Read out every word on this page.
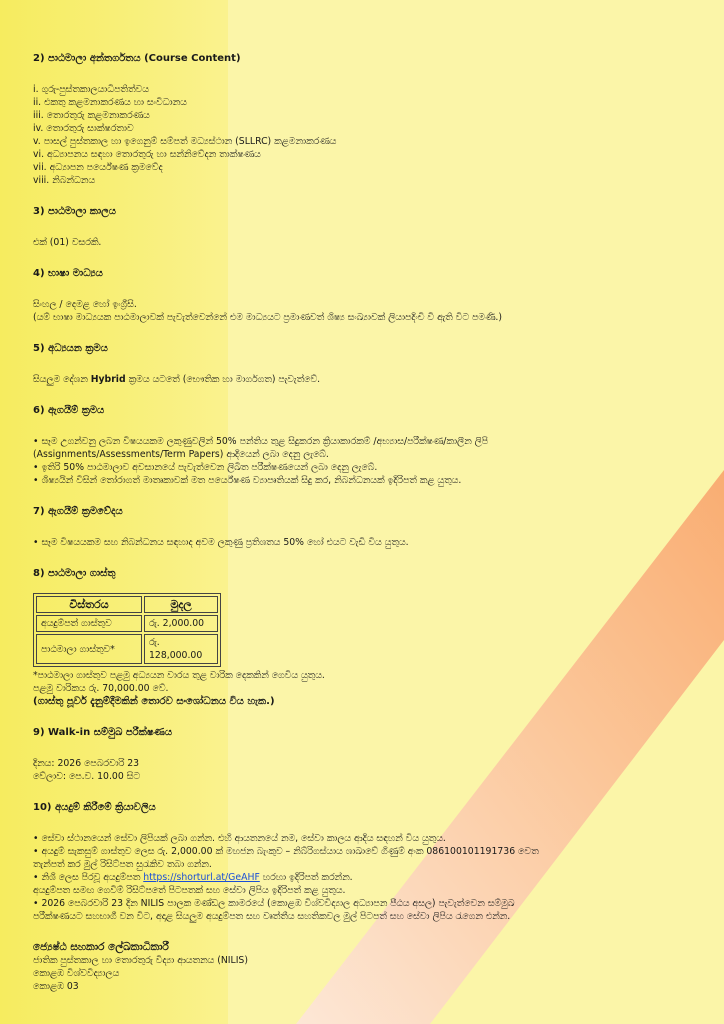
2) පාඨමාලා අන්තර්ගතය (Course Content)

i. ගුරු-පුස්තකාලයාධිපතිත්වය
ii. එකතු කළමනාකරණය හා සංවිධානය
iii. තොරතුරු කළමනාකරණය
iv. තොරතුරු සාක්ෂරතාව
v. පාසල් පුස්තකාල හා ඉගෙනුම් සම්පත් මධ්‍යස්ථාන (SLLRC) කළමනාකරණය
vi. අධ්‍යාපනය සඳහා තොරතුරු හා සන්නිවේදන තාක්ෂණය
vii. අධ්‍යාපන පර්යේෂණ ක්‍රමවේද
viii. නිබන්ධනය

3) පාඨමාලා කාලය

එක් (01) වසරකි.

4) භාෂා මාධ්‍යය

සිංහල / දෙමළ හෝ ඉංග්‍රීසි.

(යම් භාෂා මාධ්‍යයක පාඨමාලාවක් පැවැත්වෙන්නේ එම මාධ්‍යයට ප්‍රමාණවත් ශිෂ්‍ය සංඛ්‍යාවක් ලියාපදිංචි වී ඇති විට පමණි.)

5) අධ්‍යයන ක්‍රමය

සියලුම දේශන Hybrid ක්‍රමය යටතේ (භෞතික හා මාර්ගගත) පැවැත්වේ.

6) ඇගයීම් ක්‍රමය

• සෑම උගන්වනු ලබන විෂයයකම ලකුණුවලින් 50% පන්තිය තුළ සිදුකරන ක්‍රියාකාරකම් /අභ්‍යාස/පරීක්ෂණ/කාලීන ලිපි

(Assignments/Assessments/Term Papers) ආදියෙන් ලබා දෙනු ලැබේ.

• ඉතිරි 50% පාඨමාලාව අවසානයේ පැවැත්වෙන ලිඛිත පරීක්ෂණයෙන් ලබා දෙනු ලැබේ.

• ශිෂ්‍යයින් විසින් තෝරාගත් මාතෘකාවක් මත පර්යේෂණ ව්‍යාපෘතියක් සිදු කර, නිබන්ධනයක් ඉදිරිපත් කළ යුතුය.

7) ඇගයීම් ක්‍රමවේදය

• සෑම විෂයයකම සහ නිබන්ධනය සඳහාද අවම ලකුණු ප්‍රතිශතය 50% හෝ එයට වැඩි විය යුතුය.

8) පාඨමාලා ගාස්තු

විස්තරය	මුදල
අයදුම්පත් ගාස්තුව	රු. 2,000.00
පාඨමාලා ගාස්තුව*	රු. 128,000.00

*පාඨමාලා ගාස්තුව පළමු අධ්‍යයන වාරය තුළ වාරික දෙකකින් ගෙවිය යුතුය.

පළමු වාරිකය රු. 70,000.00 වේ.

(ගාස්තු පූර්ව දැනුම්දීමකින් තොරව සංශෝධනය විය හැක.)

9) Walk-in සම්මුඛ පරීක්ෂණය

දිනය: 2026 පෙබරවාරි 23

වේලාව: පෙ.ව. 10.00 සිට

10) අයදුම් කිරීමේ ක්‍රියාවලිය

• සේවා ස්ථානයෙන් සේවා ලිපියක් ලබා ගන්න. එහි ආයතනයේ නම, සේවා කාලය ආදිය සඳහන් විය යුතුය.

• අයදුම් සැකසුම් ගාස්තුව ලෙස රු. 2,000.00 ක් මහජන බැංකුව – නිබ්රිගස්යාය ශාඛාවේ ගිණුම් අංක 086100101191736 වෙත

තැන්පත් කර මුල් රිසිට්පත සුරැකිව තබා ගන්න.

• නිශි ලෙස පිරවූ අයදුම්පත https://shorturl.at/GeAHF හරහා ඉදිරිපත් කරන්න.

අයදුම්පත සමඟ ගෙවීම් රිසිට්පතේ පිටපතක් සහ සේවා ලිපිය ඉදිරිපත් කළ යුතුය.

• 2026 පෙබරවාරි 23 දින NILIS පාලක මණ්ඩල කාමරයේ (කොළඹ විශ්වවිද්‍යාල අධ්‍යාපන පීඨය අසල) පැවැත්වෙන සම්මුඛ

පරීක්ෂණයට සහභාගී වන විට, අදාළ සියලුම අයදුම්පත සහ වෘත්තීය සහතිකවල මුල් පිටපත් සහ සේවා ලිපිය රැගෙන එන්න.

ජ්‍යෙෂ්ඨ සහකාර ලේඛකාධිකාරී

ජාතික පුස්තකාල හා තොරතුරු විද්‍යා ආයතනය (NILIS)

කොළඹ විශ්වවිද්‍යාලය

කොළඹ 03
